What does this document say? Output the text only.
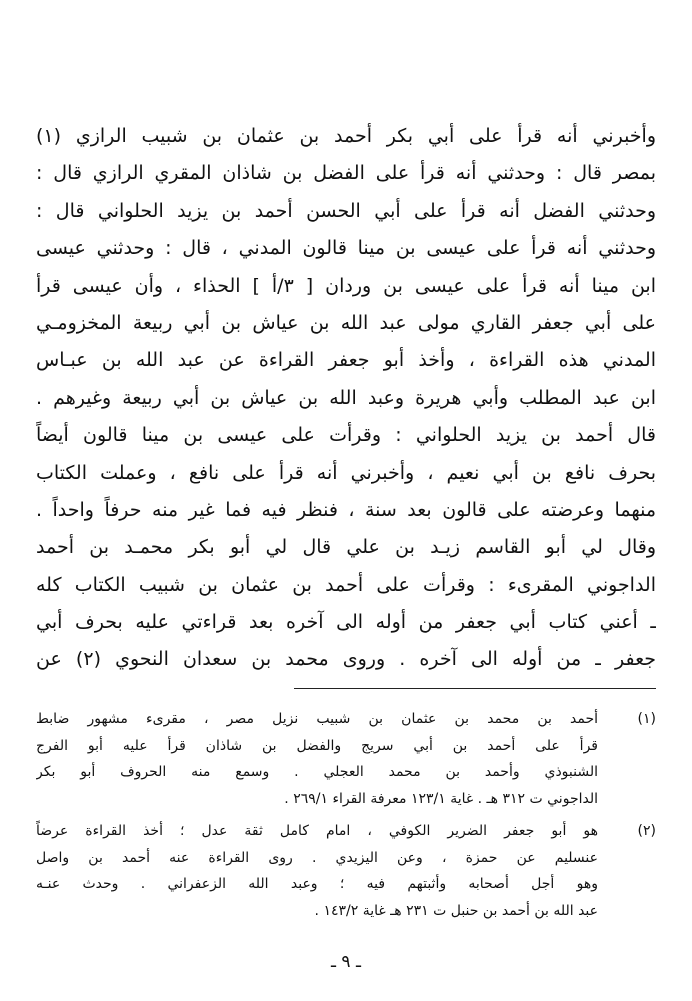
وأخبرني أنه قرأ على أبي بكر أحمد بن عثمان بن شبيب الرازي (١)
بمصر قال : وحدثني أنه قرأ على الفضل بن شاذان المقري الرازي قال :
وحدثني الفضل أنه قرأ على أبي الحسن أحمد بن يزيد الحلواني قال :
وحدثني أنه قرأ على عيسى بن مينا قالون المدني ، قال : وحدثني عيسى
ابن مينا أنه قرأ على عيسى بن وردان [ ٣/أ ] الحذاء ، وأن عيسى قرأ
على أبي جعفر القاري مولى عبد الله بن عياش بن أبي ربيعة المخزومـي
المدني هذه القراءة ، وأخذ أبو جعفر القراءة عن عبد الله بن عبـاس
ابن عبد المطلب وأبي هريرة وعبد الله بن عياش بن أبي ربيعة وغيرهم .
قال أحمد بن يزيد الحلواني : وقرأت على عيسى بن مينا قالون أيضاً
بحرف نافع بن أبي نعيم ، وأخبرني أنه قرأ على نافع ، وعملت الكتاب
منهما وعرضته على قالون بعد سنة ، فنظر فيه فما غير منه حرفاً واحداً .
وقال لي أبو القاسم زيـد بن علي قال لي أبو بكر محمـد بن أحمد
الداجوني المقرىء : وقرأت على أحمد بن عثمان بن شبيب الكتاب كله
ـ أعني كتاب أبي جعفر من أوله الى آخره بعد قراءتي عليه بحرف أبي
جعفر ـ من أوله الى آخره . وروى محمد بن سعدان النحوي (٢) عن
(١)
أحمد بن محمد بن عثمان بن شبيب نزيل مصر ، مقرىء مشهور ضابط
قرأ على أحمد بن أبي سريج والفضل بن شاذان قرأ عليه أبو الفرج
الشنبوذي وأحمد بن محمد العجلي . وسمع منه الحروف أبو بكر
الداجوني ت ٣١٢ هـ . غاية ١٢٣/١ معرفة القراء ٢٦٩/١ .
(٢)
هو أبو جعفر الضرير الكوفي ، امام كامل ثقة عدل ؛ أخذ القراءة عرضاً
عنسليم عن حمزة ، وعن اليزيدي . روى القراءة عنه أحمد بن واصل
وهو أجل أصحابه وأثبتهم فيه ؛ وعبد الله الزعفراني . وحدث عنـه
عبد الله بن أحمد بن حنبل ت ٢٣١ هـ غاية ١٤٣/٢ .
ـ ٩ ـ
